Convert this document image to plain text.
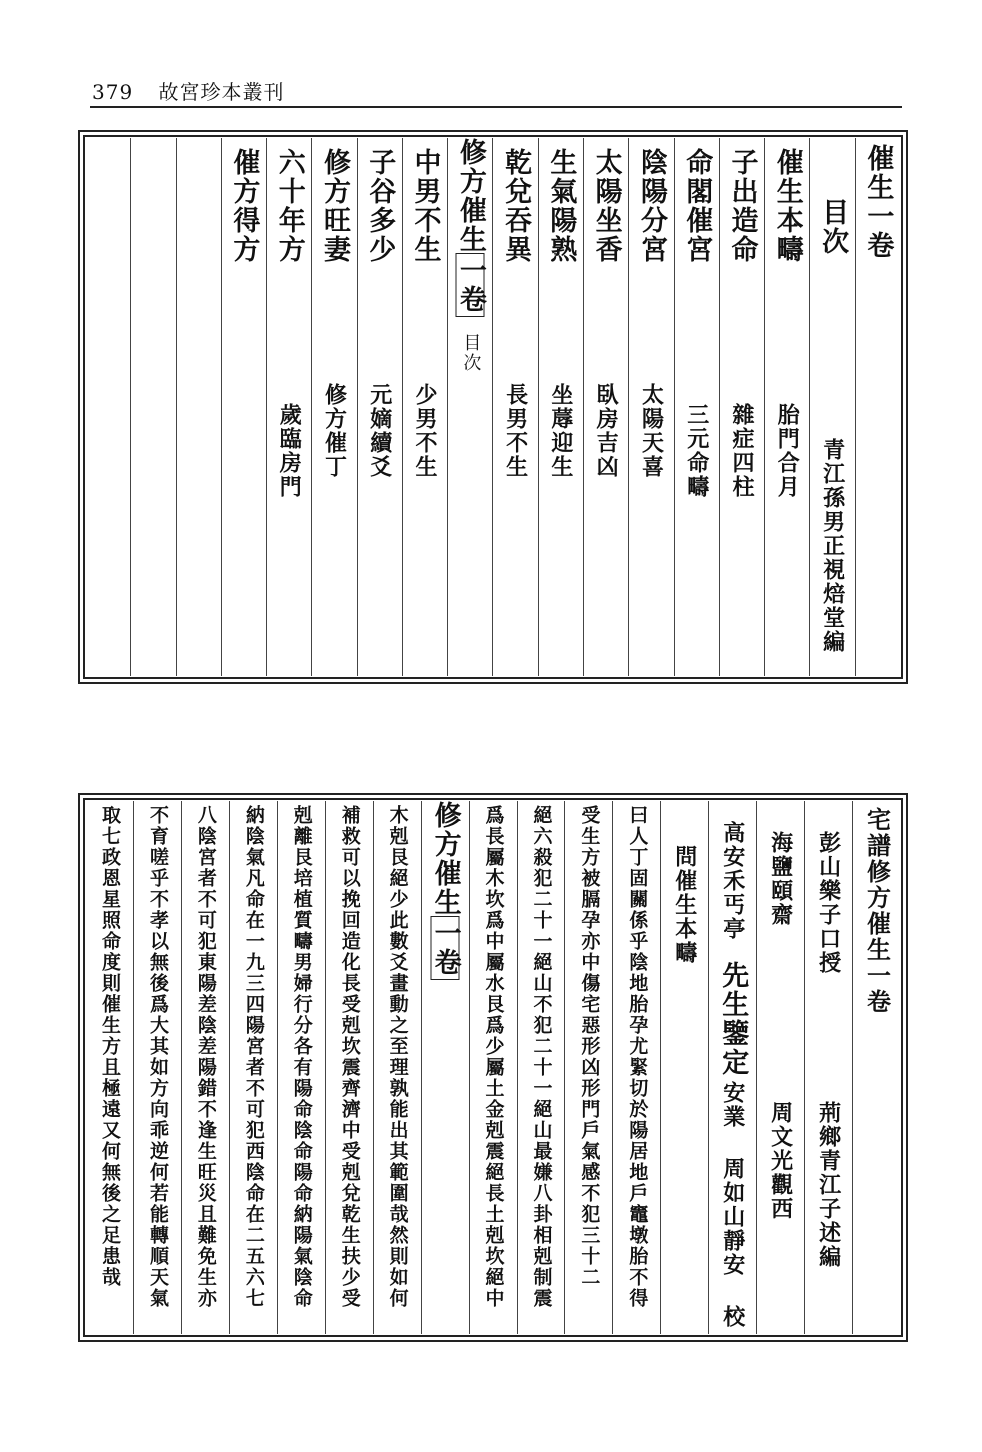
379 故宮珍本叢刊
催生一卷
目次
青江孫男正視焙堂編
催生本疇
胎門合月
子出造命
雜症四柱
命閣催宮
三元命疇
陰陽分宮
太陽天喜
太陽坐香
臥房吉凶
生氣陽熟
坐蓐迎生
乾兌吞異
長男不生
修方催生
一卷
目次
中男不生
少男不生
子谷多少
元嫡續爻
修方旺妻
修方催丁
六十年方
歲臨房門
催方得方
宅譜修方催生一卷
彭山樂子口授
荊鄉青江子述編
海鹽頤齋
周文光觀西
高安禾丐亭
先生鑒定
安業 周如山靜安 校
　問催生本疇
曰人丁固關係乎陰地胎孕尤緊切於陽居地戶竈墩胎不得
受生方被膈孕亦中傷宅惡形凶形門戶氣感不犯三十二
絕六殺犯二十一絕山不犯二十一絕山最嫌八卦相剋制震
爲長屬木坎爲中屬水艮爲少屬土金剋震絕長土剋坎絕中
修方催生
一卷
木剋艮絕少此數爻畫動之至理孰能出其範圍哉然則如何
補救可以挽回造化長受剋坎震齊濟中受剋兌乾生扶少受
剋離艮培植質疇男婦行分各有陽命陰命陽命納陽氣陰命
納陰氣凡命在一九三四陽宮者不可犯西陰命在二五六七
八陰宮者不可犯東陽差陰差陽錯不逢生旺災且難免生亦
不育嗟乎不孝以無後爲大其如方向乖逆何若能轉順天氣
取七政恩星照命度則催生方且極遠又何無後之足患哉
